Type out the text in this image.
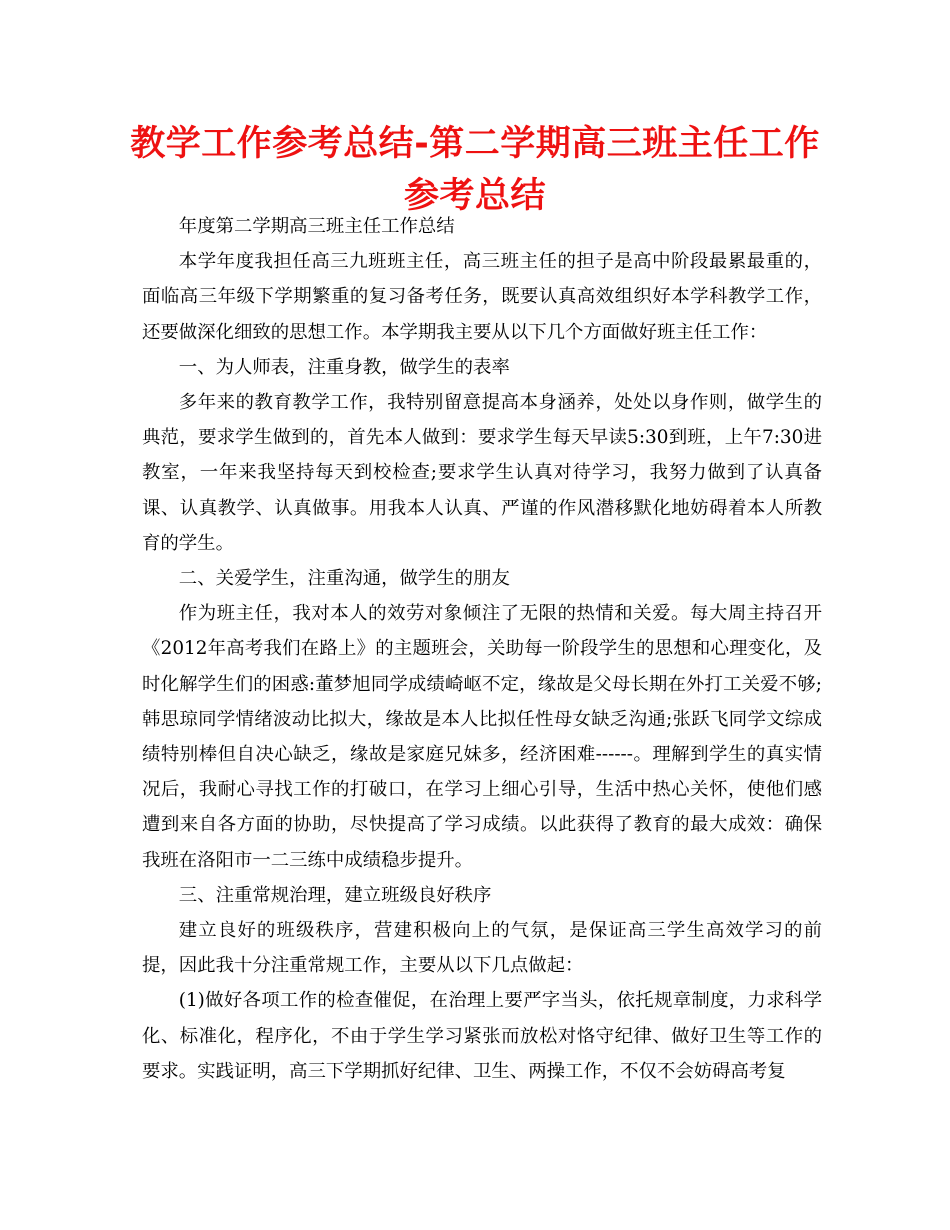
教学工作参考总结-第二学期高三班主任工作参考总结

年度第二学期高三班主任工作总结

本学年度我担任高三九班班主任，高三班主任的担子是高中阶段最累最重的，面临高三年级下学期繁重的复习备考任务，既要认真高效组织好本学科教学工作，还要做深化细致的思想工作。本学期我主要从以下几个方面做好班主任工作：

一、为人师表，注重身教，做学生的表率

多年来的教育教学工作，我特别留意提高本身涵养，处处以身作则，做学生的典范，要求学生做到的，首先本人做到：要求学生每天早读5:30到班，上午7:30进教室，一年来我坚持每天到校检查;要求学生认真对待学习，我努力做到了认真备课、认真教学、认真做事。用我本人认真、严谨的作风潜移默化地妨碍着本人所教育的学生。

二、关爱学生，注重沟通，做学生的朋友

作为班主任，我对本人的效劳对象倾注了无限的热情和关爱。每大周主持召开《2012年高考我们在路上》的主题班会，关助每一阶段学生的思想和心理变化，及时化解学生们的困惑:董梦旭同学成绩崎岖不定，缘故是父母长期在外打工关爱不够;韩思琼同学情绪波动比拟大，缘故是本人比拟任性母女缺乏沟通;张跃飞同学文综成绩特别棒但自决心缺乏，缘故是家庭兄妹多，经济困难------。理解到学生的真实情况后，我耐心寻找工作的打破口，在学习上细心引导，生活中热心关怀，使他们感遭到来自各方面的协助，尽快提高了学习成绩。以此获得了教育的最大成效：确保我班在洛阳市一二三练中成绩稳步提升。

三、注重常规治理，建立班级良好秩序

建立良好的班级秩序，营建积极向上的气氛，是保证高三学生高效学习的前提，因此我十分注重常规工作，主要从以下几点做起：

(1)做好各项工作的检查催促，在治理上要严字当头，依托规章制度，力求科学化、标准化，程序化，不由于学生学习紧张而放松对恪守纪律、做好卫生等工作的要求。实践证明，高三下学期抓好纪律、卫生、两操工作，不仅不会妨碍高考复
